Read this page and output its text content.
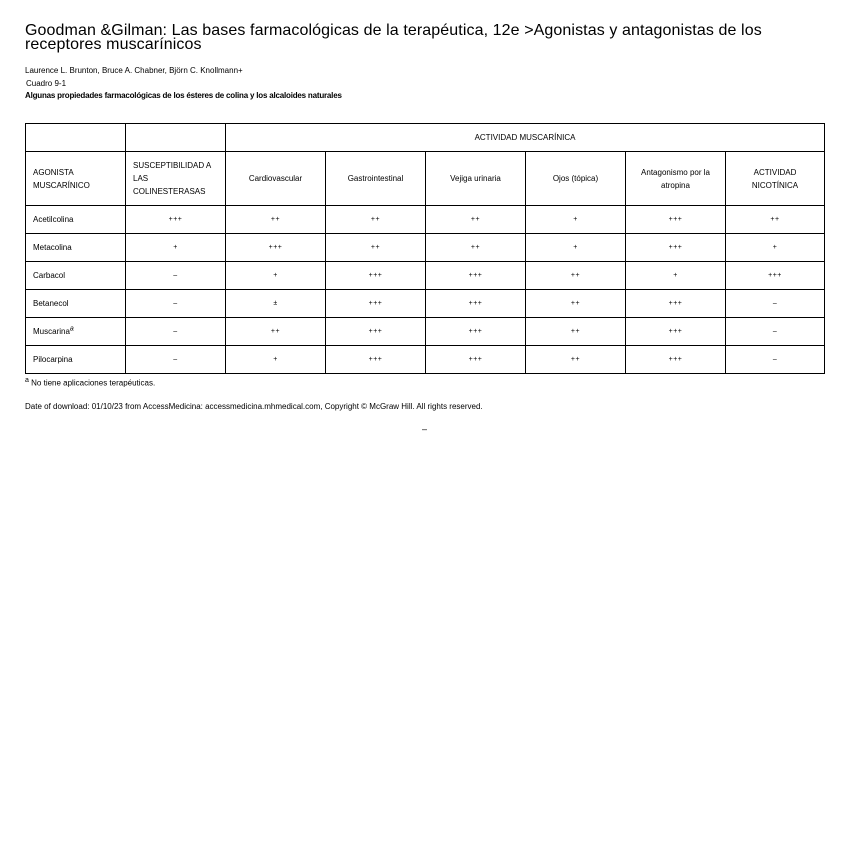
Goodman &Gilman: Las bases farmacológicas de la terapéutica, 12e >Agonistas y antagonistas de los receptores muscarínicos
Laurence L. Brunton, Bruce A. Chabner, Björn C. Knollmann+
Cuadro 9-1
Algunas propiedades farmacológicas de los ésteres de colina y los alcaloides naturales
		ACTIVIDAD MUSCARÍNICA						
AGONISTA MUSCARÍNICO	SUSCEPTIBILIDAD A LAS COLINESTERASAS	Cardiovascular	Gastrointestinal	Vejiga urinaria	Ojos (tópica)	Antagonismo por la atropina	ACTIVIDAD NICOTÍNICA	
Acetilcolina	+++	++	++	++	+	+++	++	
Metacolina	+	+++	++	++	+	+++	+	
Carbacol	–	+	+++	+++	++	+	+++	
Betanecol	–	±	+++	+++	++	+++	–	
Muscarina$^a$	–	++	+++	+++	++	+++	–	
Pilocarpina	–	+	+++	+++	++	+++	–	
$^a$ No tiene aplicaciones terapéuticas.
Date of download: 01/10/23 from AccessMedicina: accessmedicina.mhmedical.com, Copyright © McGraw Hill. All rights reserved.
–
